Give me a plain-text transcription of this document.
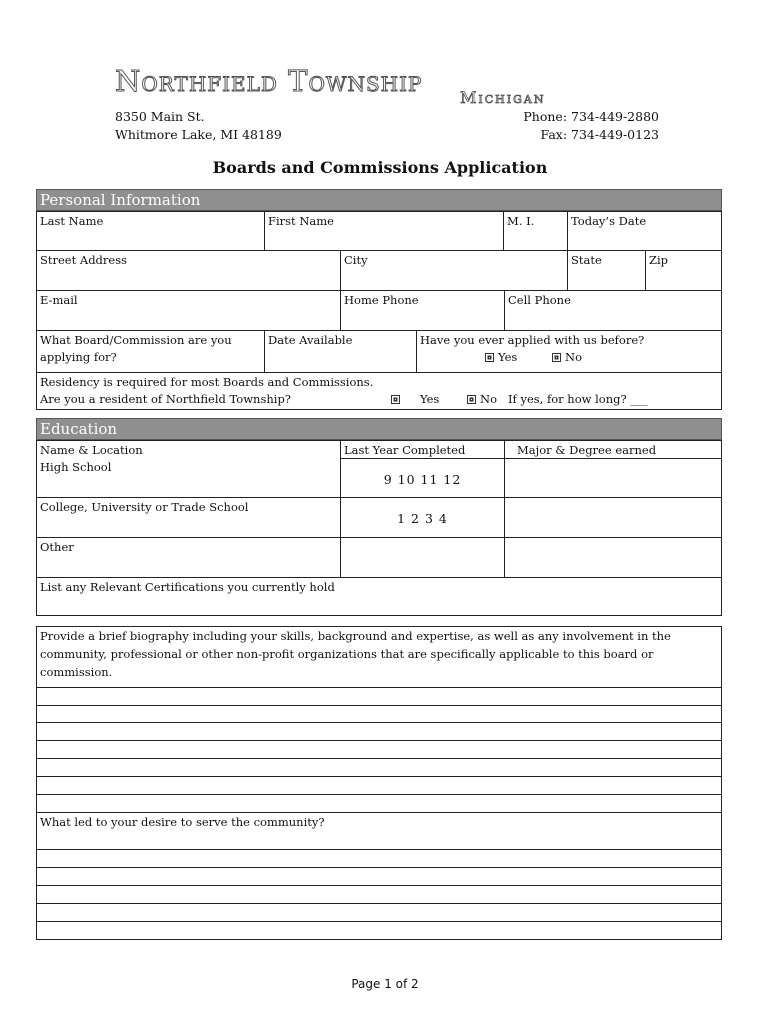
Northfield Township Michigan
8350 Main St.
Whitmore Lake, MI 48189
Phone: 734-449-2880
Fax: 734-449-0123
Boards and Commissions Application
Personal Information
Last Name	First Name	M. I.	Today’s Date
Street Address	City	State	Zip
E-mail	Home Phone	Cell Phone
What Board/Commission are you
applying for?
Date Available	Have you ever applied with us before?
Yes	No
Residency is required for most Boards and Commissions.
Are you a resident of Northfield Township?	Yes	No If yes, for how long? ___
Education
Name & Location	Last Year Completed	Major & Degree earned
High School
9 10 11 12
College, University or Trade School
1 2 3 4
Other
List any Relevant Certifications you currently hold
Provide a brief biography including your skills, background and expertise, as well as any involvement in the community, professional or other non-profit organizations that are specifically applicable to this board or commission.
What led to your desire to serve the community?
Page 1 of 2
